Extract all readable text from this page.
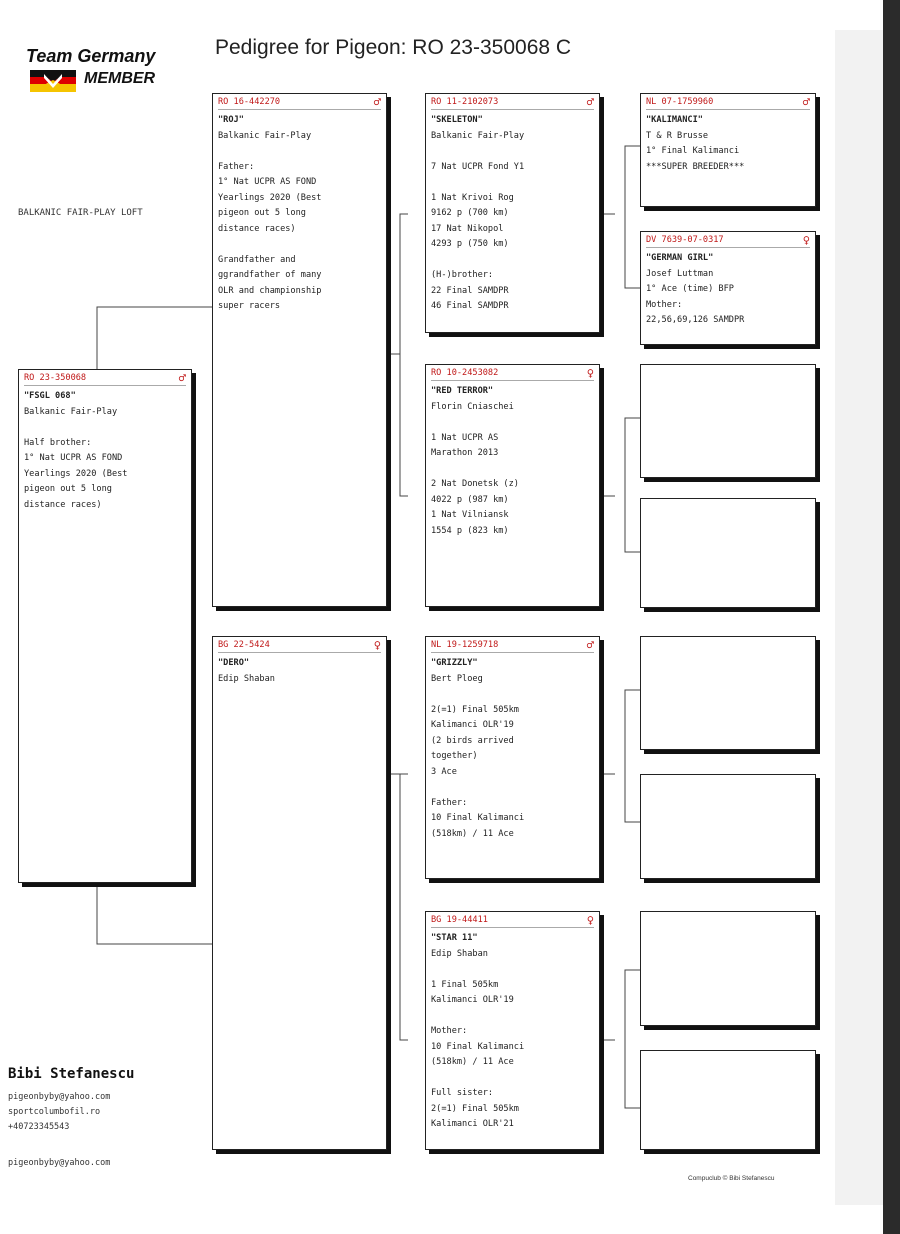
Team Germany
MEMBER
Pedigree for Pigeon: RO 23-350068 C
BALKANIC FAIR-PLAY LOFT
RO 23-350068	♂
"FSGL 068"
Balkanic Fair-Play

Half brother:
1° Nat UCPR AS FOND
Yearlings 2020 (Best
pigeon out 5 long
distance races)
RO 16-442270	♂
"ROJ"
Balkanic Fair-Play

Father:
1° Nat UCPR AS FOND
Yearlings 2020 (Best
pigeon out 5 long
distance races)

Grandfather and
ggrandfather of many
OLR and championship
super racers
BG 22-5424	♀
"DERO"
Edip Shaban
RO 11-2102073	♂
"SKELETON"
Balkanic Fair-Play

7 Nat UCPR Fond Y1

1 Nat Krivoi Rog
9162 p (700 km)
17 Nat Nikopol
4293 p (750 km)

(H-)brother:
22 Final SAMDPR
46 Final SAMDPR
RO 10-2453082	♀
"RED TERROR"
Florin Cniaschei

1 Nat UCPR AS
Marathon 2013

2 Nat Donetsk (z)
4022 p (987 km)
1 Nat Vilniansk
1554 p (823 km)
NL 19-1259718	♂
"GRIZZLY"
Bert Ploeg

2(=1) Final 505km
Kalimanci OLR'19
(2 birds arrived
together)
3 Ace

Father:
10 Final Kalimanci
(518km) / 11 Ace
BG 19-44411	♀
"STAR 11"
Edip Shaban

1 Final 505km
Kalimanci OLR'19

Mother:
10 Final Kalimanci
(518km) / 11 Ace

Full sister:
2(=1) Final 505km
Kalimanci OLR'21
NL 07-1759960	♂
"KALIMANCI"
T & R Brusse
1° Final Kalimanci
***SUPER BREEDER***
DV 7639-07-0317	♀
"GERMAN GIRL"
Josef Luttman
1° Ace (time) BFP
Mother:
22,56,69,126 SAMDPR
Bibi Stefanescu
pigeonbyby@yahoo.com
sportcolumbofil.ro
+40723345543
pigeonbyby@yahoo.com
Compuclub © Bibi Stefanescu
